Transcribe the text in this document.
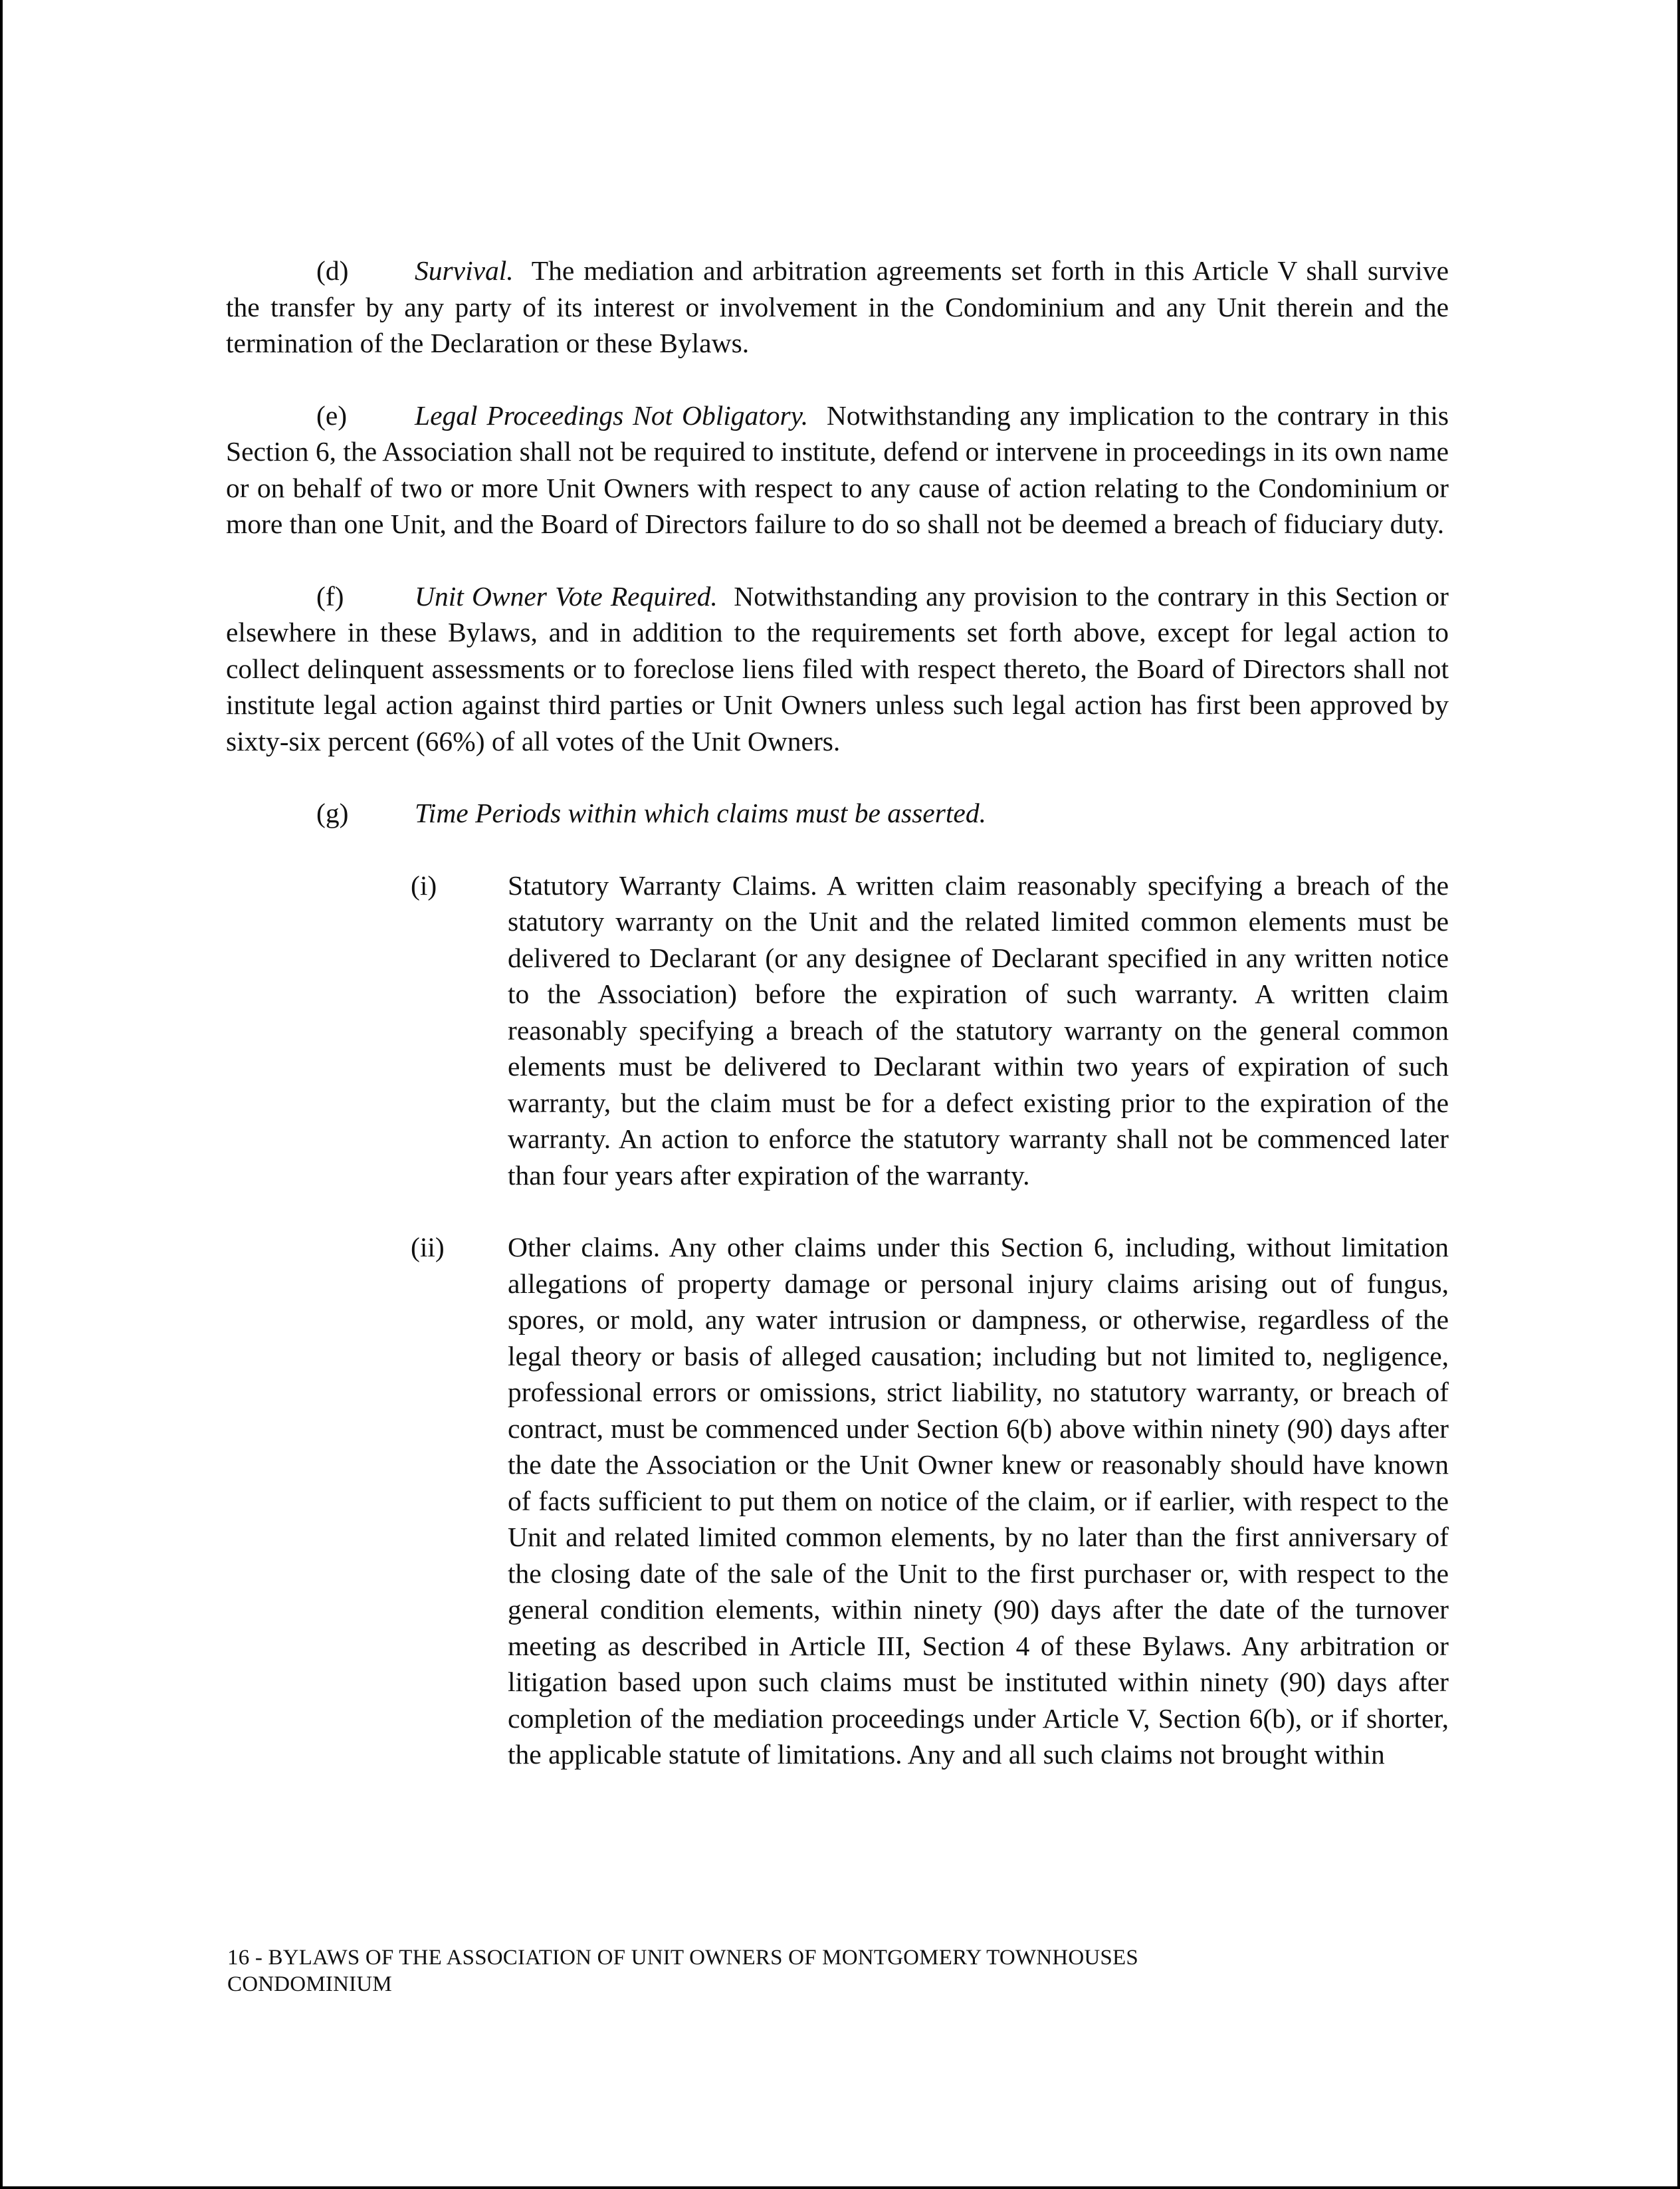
(d) Survival. The mediation and arbitration agreements set forth in this Article V shall survive the transfer by any party of its interest or involvement in the Condominium and any Unit therein and the termination of the Declaration or these Bylaws.

(e) Legal Proceedings Not Obligatory. Notwithstanding any implication to the contrary in this Section 6, the Association shall not be required to institute, defend or intervene in proceedings in its own name or on behalf of two or more Unit Owners with respect to any cause of action relating to the Condominium or more than one Unit, and the Board of Directors failure to do so shall not be deemed a breach of fiduciary duty.

(f)	Unit Owner Vote Required. Notwithstanding any provision to the contrary in this Section or elsewhere in these Bylaws, and in addition to the requirements set forth above, except for legal action to collect delinquent assessments or to foreclose liens filed with respect thereto, the Board of Directors shall not institute legal action against third parties or Unit Owners unless such legal action has first been approved by sixty-six percent (66%) of all votes of the Unit Owners.

(g) Time Periods within which claims must be asserted.

(i)	Statutory Warranty Claims. A written claim reasonably specifying a breach of the statutory warranty on the Unit and the related limited common elements must be delivered to Declarant (or any designee of Declarant specified in any written notice to the Association) before the expiration of such warranty. A written claim reasonably specifying a breach of the statutory warranty on the general common elements must be delivered to Declarant within two years of expiration of such warranty, but the claim must be for a defect existing prior to the expiration of the warranty. An action to enforce the statutory warranty shall not be commenced later than four years after expiration of the warranty.
(ii) Other claims. Any other claims under this Section 6, including, without limitation allegations of property damage or personal injury claims arising out of fungus, spores, or mold, any water intrusion or dampness, or otherwise, regardless of the legal theory or basis of alleged causation; including but not limited to, negligence, professional errors or omissions, strict liability, no statutory warranty, or breach of contract, must be commenced under Section 6(b) above within ninety (90) days after the date the Association or the Unit Owner knew or reasonably should have known of facts sufficient to put them on notice of the claim, or if earlier, with respect to the Unit and related limited common elements, by no later than the first anniversary of the closing date of the sale of the Unit to the first purchaser or, with respect to the general condition elements, within ninety (90) days after the date of the turnover meeting as described in Article III, Section 4 of these Bylaws. Any arbitration or litigation based upon such claims must be instituted within ninety (90) days after completion of the mediation proceedings under Article V, Section 6(b), or if shorter, the applicable statute of limitations. Any and all such claims not brought within
16 - BYLAWS OF THE ASSOCIATION OF UNIT OWNERS OF MONTGOMERY TOWNHOUSES
CONDOMINIUM
